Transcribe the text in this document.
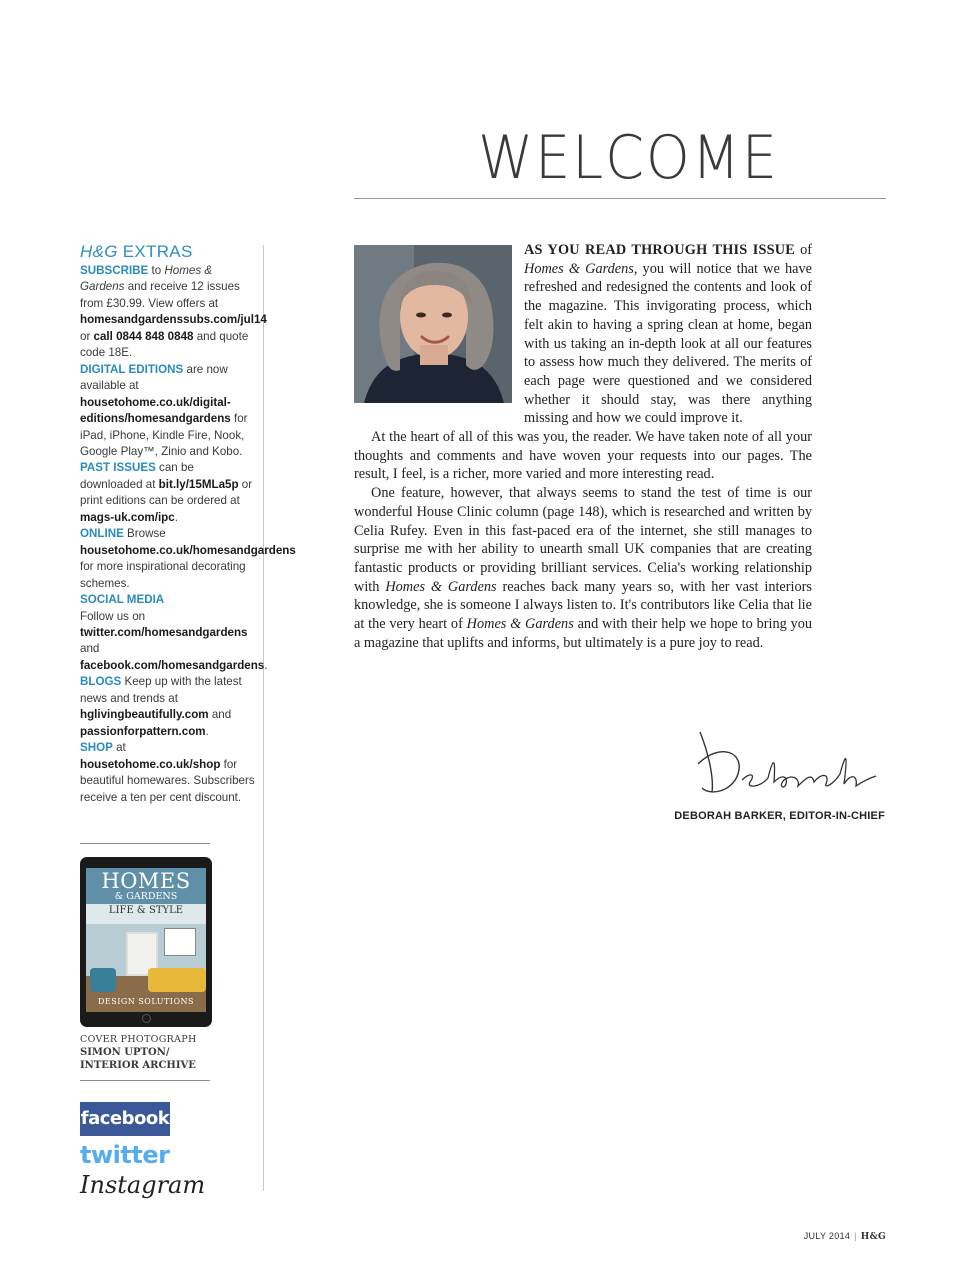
WELCOME
H&G EXTRAS
SUBSCRIBE to Homes & Gardens and receive 12 issues from £30.99. View offers at homesandgardenssubs.com/jul14 or call 0844 848 0848 and quote code 18E.
DIGITAL EDITIONS are now available at housetohome.co.uk/digital-editions/homesandgardens for iPad, iPhone, Kindle Fire, Nook, Google Play™, Zinio and Kobo.
PAST ISSUES can be downloaded at bit.ly/15MLa5p or print editions can be ordered at mags-uk.com/ipc.
ONLINE Browse housetohome.co.uk/homesandgardens for more inspirational decorating schemes.
SOCIAL MEDIA
Follow us on twitter.com/homesandgardens and facebook.com/homesandgardens.
BLOGS Keep up with the latest news and trends at hglivingbeautifully.com and passionforpattern.com.
SHOP at housetohome.co.uk/shop for beautiful homewares. Subscribers receive a ten per cent discount.
HOMES
& GARDENS
LIFE & STYLE
DESIGN SOLUTIONS
COVER PHOTOGRAPH
SIMON UPTON/
INTERIOR ARCHIVE
facebook
twitter
Instagram

AS YOU READ THROUGH THIS ISSUE of Homes & Gardens, you will notice that we have refreshed and redesigned the contents and look of the magazine. This invigorating process, which felt akin to having a spring clean at home, began with us taking an in-depth look at all our features to assess how much they delivered. The merits of each page were questioned and we considered whether it should stay, was there anything missing and how we could improve it.

At the heart of all of this was you, the reader. We have taken note of all your thoughts and comments and have woven your requests into our pages. The result, I feel, is a richer, more varied and more interesting read.

One feature, however, that always seems to stand the test of time is our wonderful House Clinic column (page 148), which is researched and written by Celia Rufey. Even in this fast-paced era of the internet, she still manages to surprise me with her ability to unearth small UK companies that are creating fantastic products or providing brilliant services. Celia's working relationship with Homes & Gardens reaches back many years so, with her vast interiors knowledge, she is someone I always listen to. It's contributors like Celia that lie at the very heart of Homes & Gardens and with their help we hope to bring you a magazine that uplifts and informs, but ultimately is a pure joy to read.

DEBORAH BARKER, EDITOR-IN-CHIEF
JULY 2014 | H&G
